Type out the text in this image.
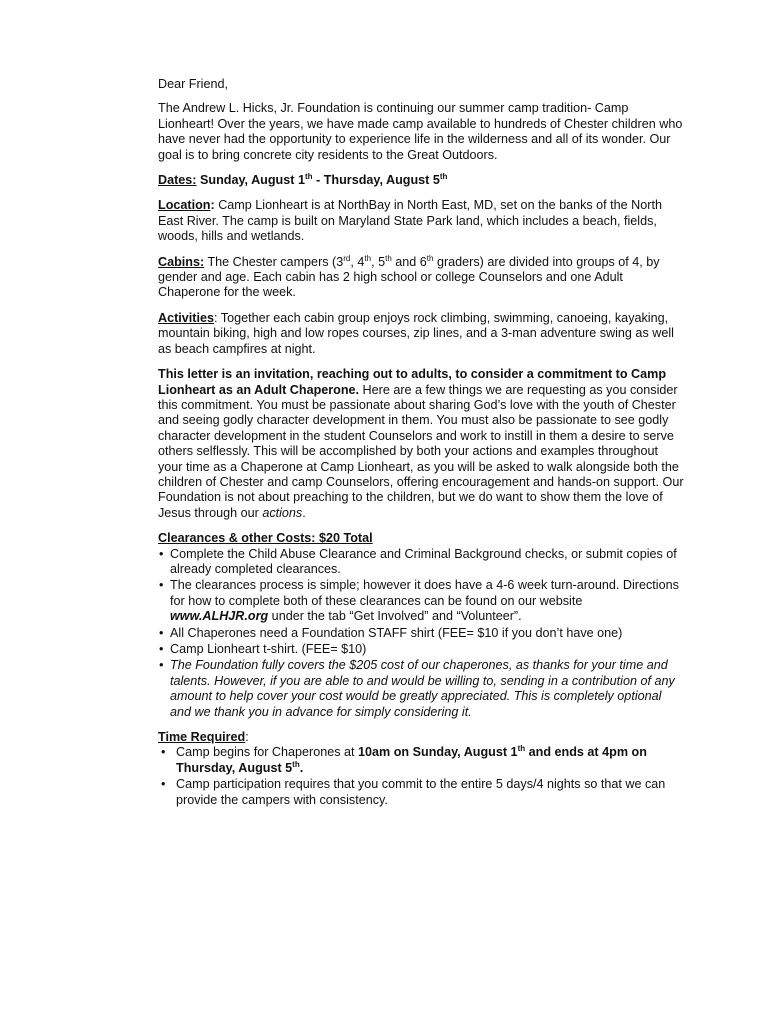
Dear Friend,

The Andrew L. Hicks, Jr. Foundation is continuing our summer camp tradition- Camp Lionheart! Over the years, we have made camp available to hundreds of Chester children who have never had the opportunity to experience life in the wilderness and all of its wonder. Our goal is to bring concrete city residents to the Great Outdoors.

Dates: Sunday, August 1th - Thursday, August 5th

Location: Camp Lionheart is at NorthBay in North East, MD, set on the banks of the North East River. The camp is built on Maryland State Park land, which includes a beach, fields, woods, hills and wetlands.

Cabins: The Chester campers (3rd, 4th, 5th and 6th graders) are divided into groups of 4, by gender and age. Each cabin has 2 high school or college Counselors and one Adult Chaperone for the week.

Activities: Together each cabin group enjoys rock climbing, swimming, canoeing, kayaking, mountain biking, high and low ropes courses, zip lines, and a 3-man adventure swing as well as beach campfires at night.

This letter is an invitation, reaching out to adults, to consider a commitment to Camp Lionheart as an Adult Chaperone. Here are a few things we are requesting as you consider this commitment. You must be passionate about sharing God’s love with the youth of Chester and seeing godly character development in them. You must also be passionate to see godly character development in the student Counselors and work to instill in them a desire to serve others selflessly. This will be accomplished by both your actions and examples throughout your time as a Chaperone at Camp Lionheart, as you will be asked to walk alongside both the children of Chester and camp Counselors, offering encouragement and hands-on support. Our Foundation is not about preaching to the children, but we do want to show them the love of Jesus through our actions.

Clearances & other Costs: $20 Total

• Complete the Child Abuse Clearance and Criminal Background checks, or submit copies of already completed clearances.
• The clearances process is simple; however it does have a 4-6 week turn-around. Directions for how to complete both of these clearances can be found on our website www.ALHJR.org under the tab “Get Involved” and “Volunteer”.
• All Chaperones need a Foundation STAFF shirt (FEE= $10 if you don’t have one)
• Camp Lionheart t-shirt. (FEE= $10)
• The Foundation fully covers the $205 cost of our chaperones, as thanks for your time and talents. However, if you are able to and would be willing to, sending in a contribution of any amount to help cover your cost would be greatly appreciated. This is completely optional and we thank you in advance for simply considering it.

Time Required:

• Camp begins for Chaperones at 10am on Sunday, August 1th and ends at 4pm on Thursday, August 5th.
• Camp participation requires that you commit to the entire 5 days/4 nights so that we can provide the campers with consistency.
